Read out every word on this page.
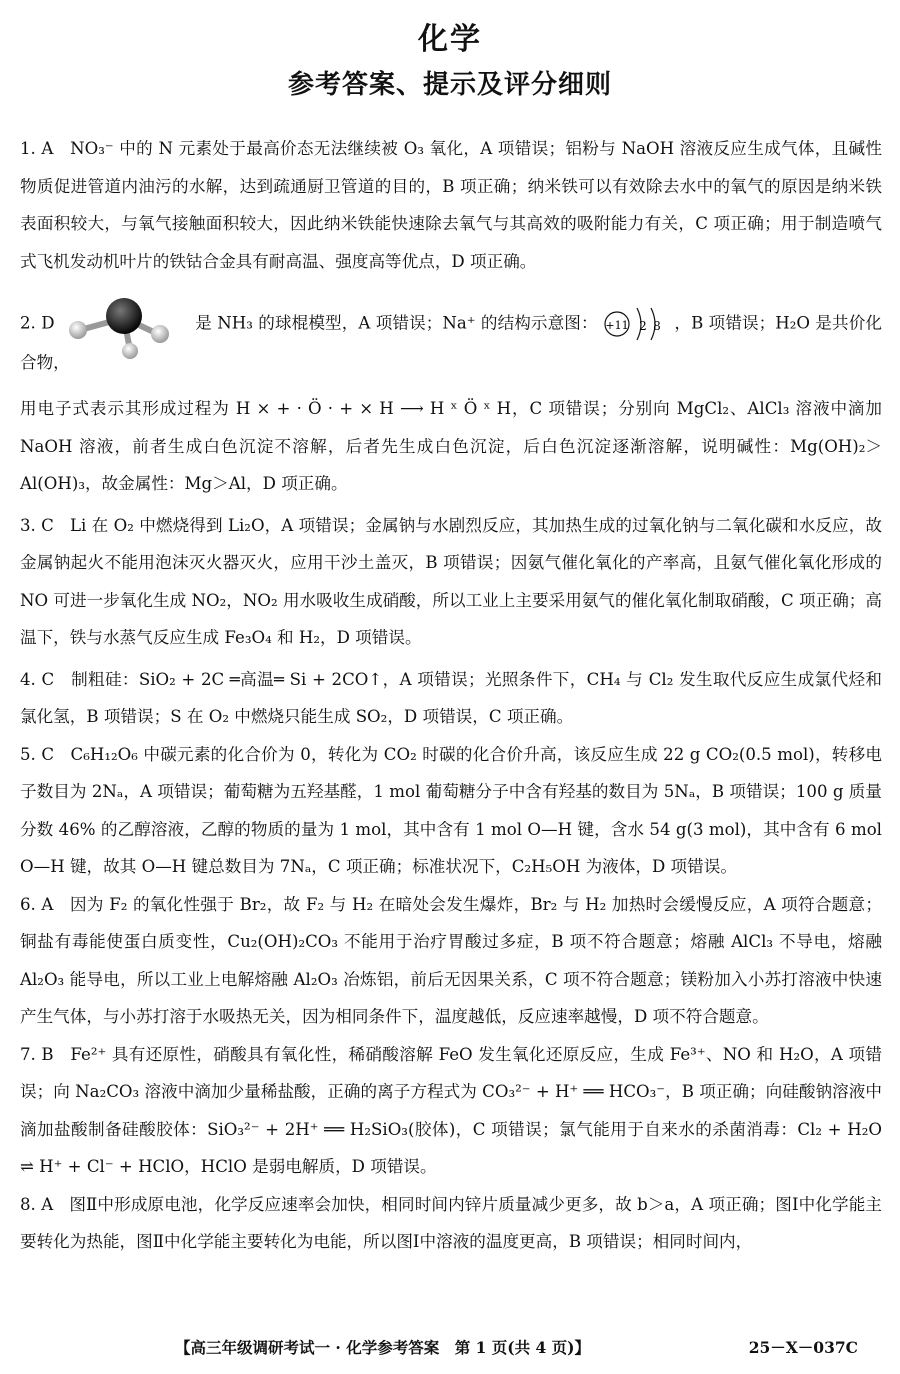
化学
参考答案、提示及评分细则

1. A NO₃⁻ 中的 N 元素处于最高价态无法继续被 O₃ 氧化，A 项错误；铝粉与 NaOH 溶液反应生成气体，且碱性物质促进管道内油污的水解，达到疏通厨卫管道的目的，B 项正确；纳米铁可以有效除去水中的氧气的原因是纳米铁表面积较大，与氧气接触面积较大，因此纳米铁能快速除去氧气与其高效的吸附能力有关，C 项正确；用于制造喷气式飞机发动机叶片的铁钴合金具有耐高温、强度高等优点，D 项正确。

2. D	是 NH₃ 的球棍模型，A 项错误；Na⁺ 的结构示意图： +11 2 8 ，B 项错误；H₂O 是共价化合物，
用电子式表示其形成过程为 H × + · Ö · + × H ⟶ H ˣ Ö ˣ H，C 项错误；分别向 MgCl₂、AlCl₃ 溶液中滴加 NaOH 溶液，前者生成白色沉淀不溶解，后者先生成白色沉淀，后白色沉淀逐渐溶解，说明碱性：Mg(OH)₂＞Al(OH)₃，故金属性：Mg＞Al，D 项正确。

3. C Li 在 O₂ 中燃烧得到 Li₂O，A 项错误；金属钠与水剧烈反应，其加热生成的过氧化钠与二氧化碳和水反应，故金属钠起火不能用泡沫灭火器灭火，应用干沙土盖灭，B 项错误；因氨气催化氧化的产率高，且氨气催化氧化形成的 NO 可进一步氧化生成 NO₂，NO₂ 用水吸收生成硝酸，所以工业上主要采用氨气的催化氧化制取硝酸，C 项正确；高温下，铁与水蒸气反应生成 Fe₃O₄ 和 H₂，D 项错误。

4. C 制粗硅：SiO₂ + 2C ═高温═ Si + 2CO↑，A 项错误；光照条件下，CH₄ 与 Cl₂ 发生取代反应生成氯代烃和氯化氢，B 项错误；S 在 O₂ 中燃烧只能生成 SO₂，D 项错误，C 项正确。

5. C C₆H₁₂O₆ 中碳元素的化合价为 0，转化为 CO₂ 时碳的化合价升高，该反应生成 22 g CO₂(0.5 mol)，转移电子数目为 2Nₐ，A 项错误；葡萄糖为五羟基醛，1 mol 葡萄糖分子中含有羟基的数目为 5Nₐ，B 项错误；100 g 质量分数 46% 的乙醇溶液，乙醇的物质的量为 1 mol，其中含有 1 mol O—H 键，含水 54 g(3 mol)，其中含有 6 mol O—H 键，故其 O—H 键总数目为 7Nₐ，C 项正确；标准状况下，C₂H₅OH 为液体，D 项错误。

6. A 因为 F₂ 的氧化性强于 Br₂，故 F₂ 与 H₂ 在暗处会发生爆炸，Br₂ 与 H₂ 加热时会缓慢反应，A 项符合题意；铜盐有毒能使蛋白质变性，Cu₂(OH)₂CO₃ 不能用于治疗胃酸过多症，B 项不符合题意；熔融 AlCl₃ 不导电，熔融 Al₂O₃ 能导电，所以工业上电解熔融 Al₂O₃ 冶炼铝，前后无因果关系，C 项不符合题意；镁粉加入小苏打溶液中快速产生气体，与小苏打溶于水吸热无关，因为相同条件下，温度越低，反应速率越慢，D 项不符合题意。

7. B Fe²⁺ 具有还原性，硝酸具有氧化性，稀硝酸溶解 FeO 发生氧化还原反应，生成 Fe³⁺、NO 和 H₂O，A 项错误；向 Na₂CO₃ 溶液中滴加少量稀盐酸，正确的离子方程式为 CO₃²⁻ + H⁺ ══ HCO₃⁻，B 项正确；向硅酸钠溶液中滴加盐酸制备硅酸胶体：SiO₃²⁻ + 2H⁺ ══ H₂SiO₃(胶体)，C 项错误；氯气能用于自来水的杀菌消毒：Cl₂ + H₂O ⇌ H⁺ + Cl⁻ + HClO，HClO 是弱电解质，D 项错误。

8. A 图Ⅱ中形成原电池，化学反应速率会加快，相同时间内锌片质量减少更多，故 b＞a，A 项正确；图Ⅰ中化学能主要转化为热能，图Ⅱ中化学能主要转化为电能，所以图Ⅰ中溶液的温度更高，B 项错误；相同时间内，

【高三年级调研考试一 · 化学参考答案　第 1 页(共 4 页)】	25－X－037C
